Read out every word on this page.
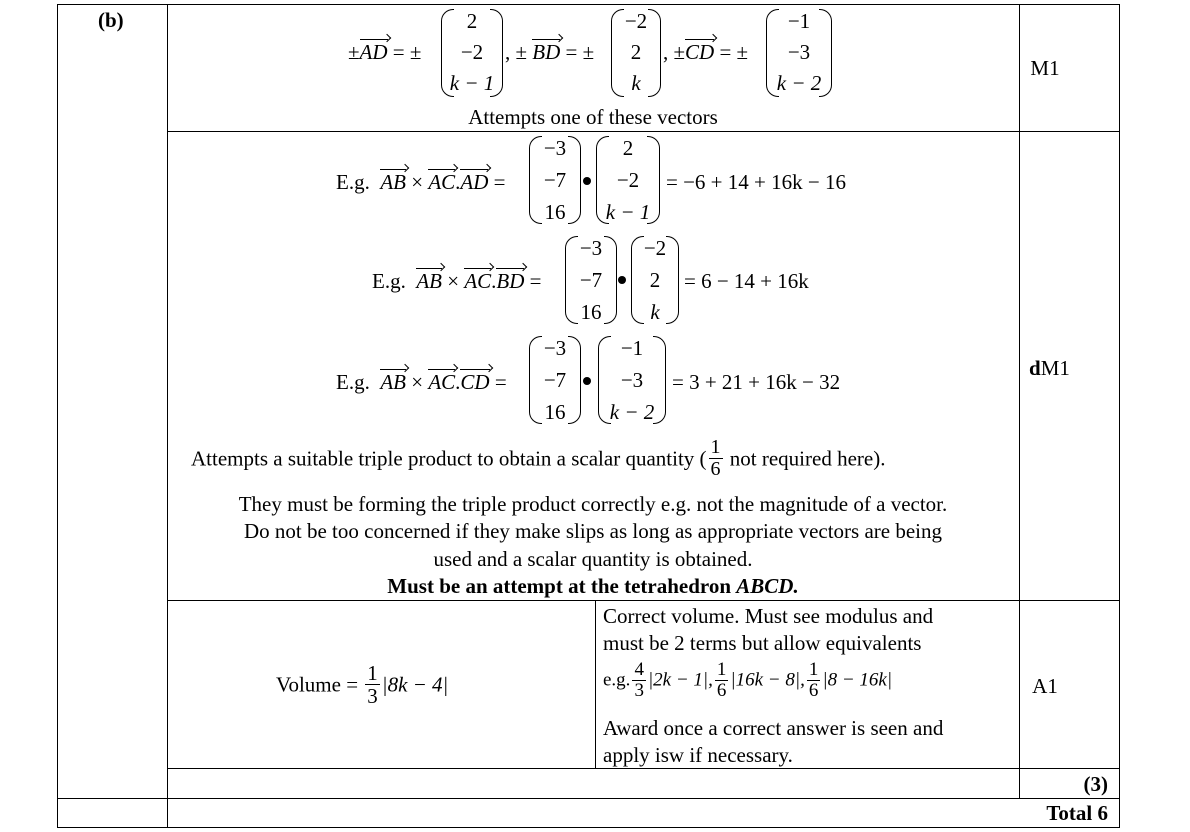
(b)
±AD = ±
2
−2
k − 1
, ± BD = ±
−2
2
k
, ±CD = ±
−1
−3
k − 2
Attempts one of these vectors
M1
E.g. AB × AC.AD =
−3
−7
16
2
−2
k − 1
= −6 + 14 + 16k − 16
E.g. AB × AC.BD =
−3
−7
16
−2
2
k
= 6 − 14 + 16k
E.g. AB × AC.CD =
−3
−7
16
−1
−3
k − 2
= 3 + 21 + 16k − 32
Attempts a suitable triple product to obtain a scalar quantity ( $\frac{1}{6}$ not required here).
They must be forming the triple product correctly e.g. not the magnitude of a vector.
Do not be too concerned if they make slips as long as appropriate vectors are being
used and a scalar quantity is obtained.
Must be an attempt at the tetrahedron ABCD.
dM1
Volume = $\frac{1}{3} |8k - 4|$
Correct volume. Must see modulus and
must be 2 terms but allow equivalents
e.g. $\frac{4}{3} |2k - 1|$, $\frac{1}{6} |16k - 8|$, $\frac{1}{6} |8 - 16k|$
Award once a correct answer is seen and
apply isw if necessary.
A1
(3)
Total 6
